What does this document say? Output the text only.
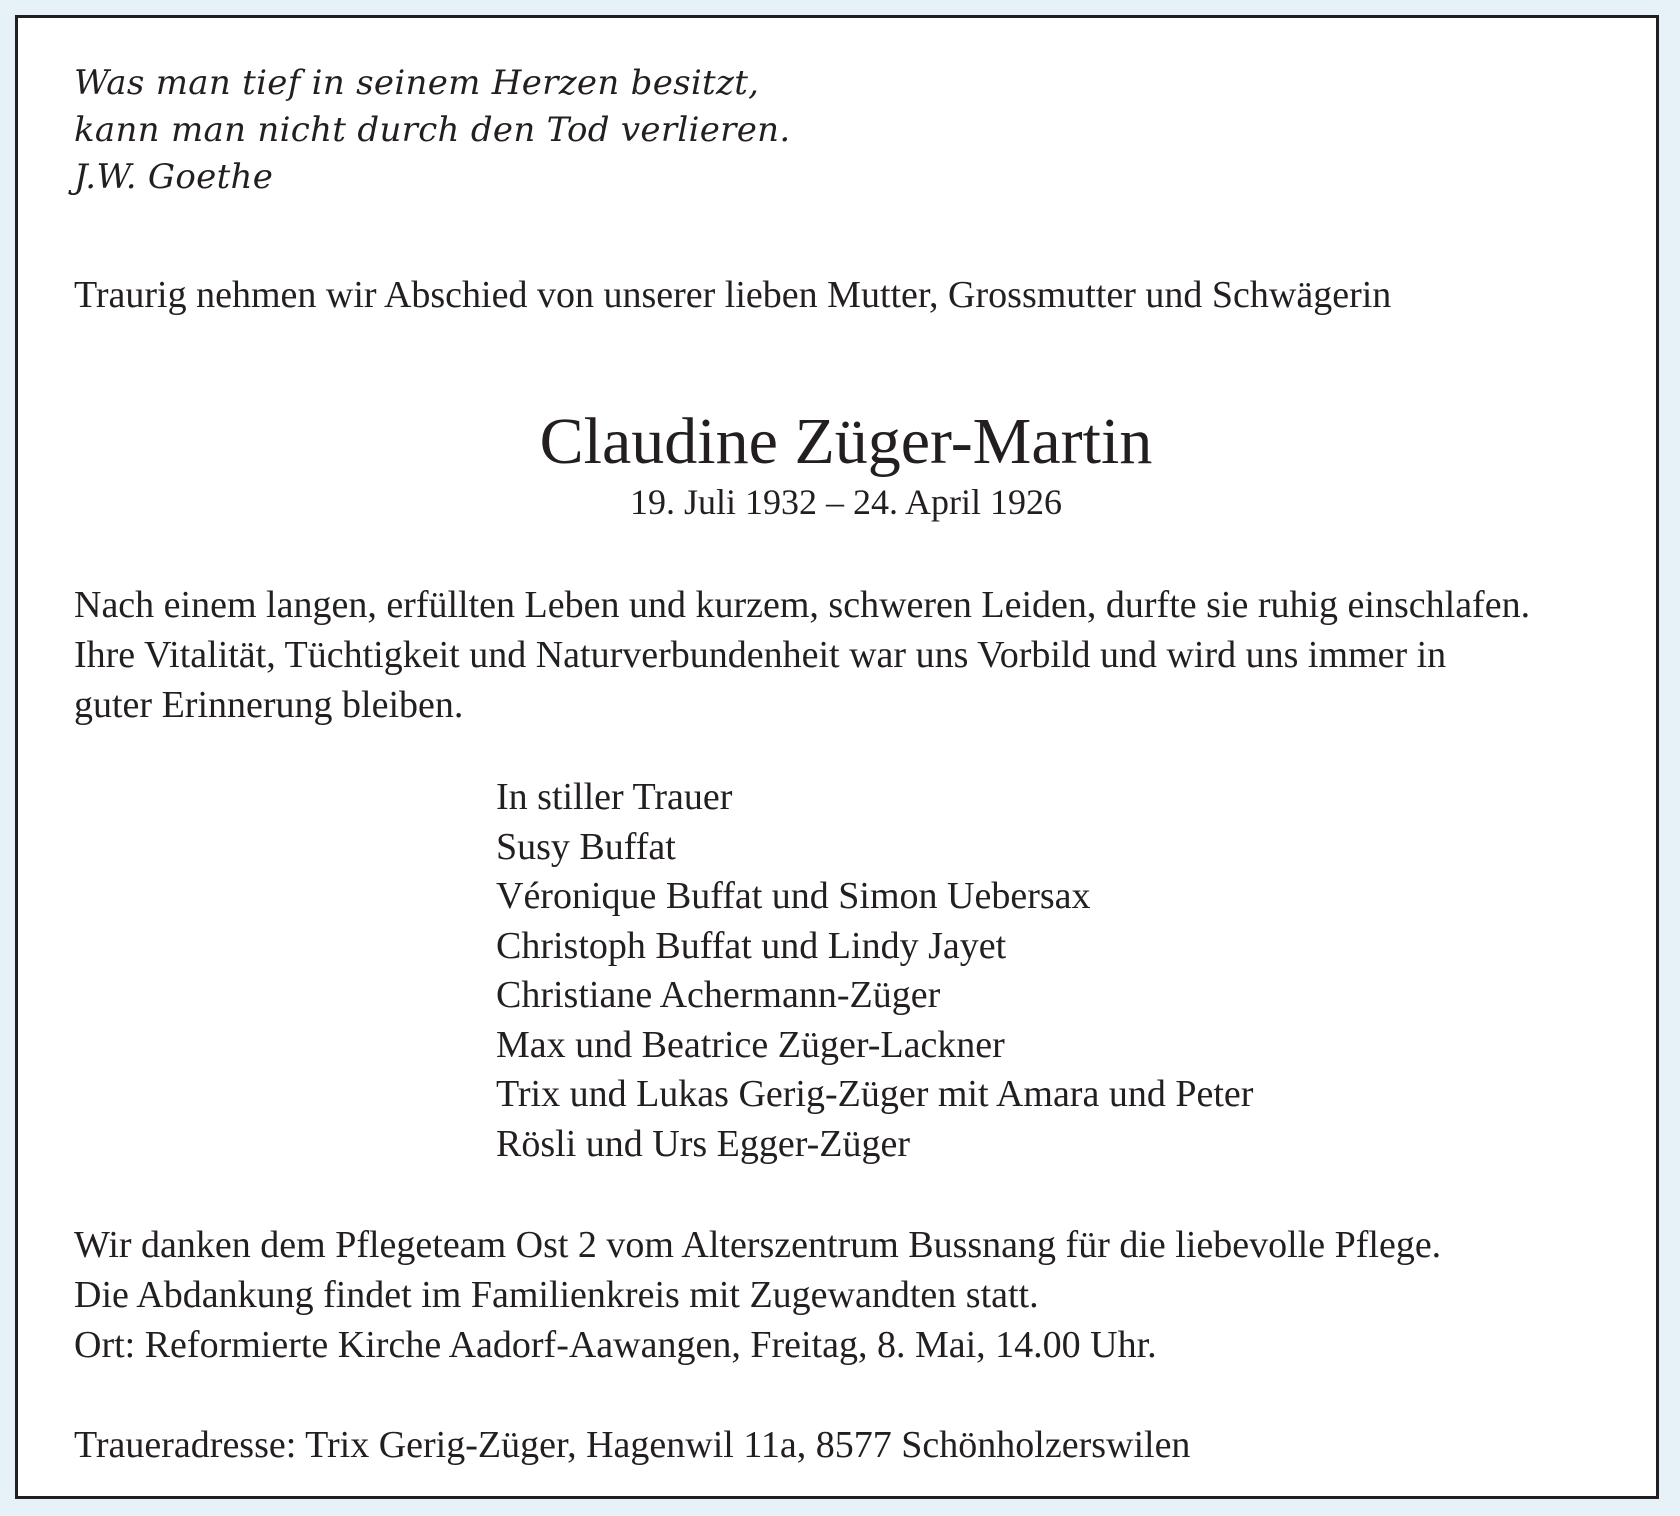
Was man tief in seinem Herzen besitzt,
kann man nicht durch den Tod verlieren.
J.W. Goethe
Traurig nehmen wir Abschied von unserer lieben Mutter, Grossmutter und Schwägerin
Claudine Züger-Martin
19. Juli 1932 – 24. April 1926
Nach einem langen, erfüllten Leben und kurzem, schweren Leiden, durfte sie ruhig einschlafen.
Ihre Vitalität, Tüchtigkeit und Naturverbundenheit war uns Vorbild und wird uns immer in
guter Erinnerung bleiben.
In stiller Trauer
Susy Buffat
Véronique Buffat und Simon Uebersax
Christoph Buffat und Lindy Jayet
Christiane Achermann-Züger
Max und Beatrice Züger-Lackner
Trix und Lukas Gerig-Züger mit Amara und Peter
Rösli und Urs Egger-Züger
Wir danken dem Pflegeteam Ost 2 vom Alterszentrum Bussnang für die liebevolle Pflege.
Die Abdankung findet im Familienkreis mit Zugewandten statt.
Ort: Reformierte Kirche Aadorf-Aawangen, Freitag, 8. Mai, 14.00 Uhr.
Traueradresse: Trix Gerig-Züger, Hagenwil 11a, 8577 Schönholzerswilen
